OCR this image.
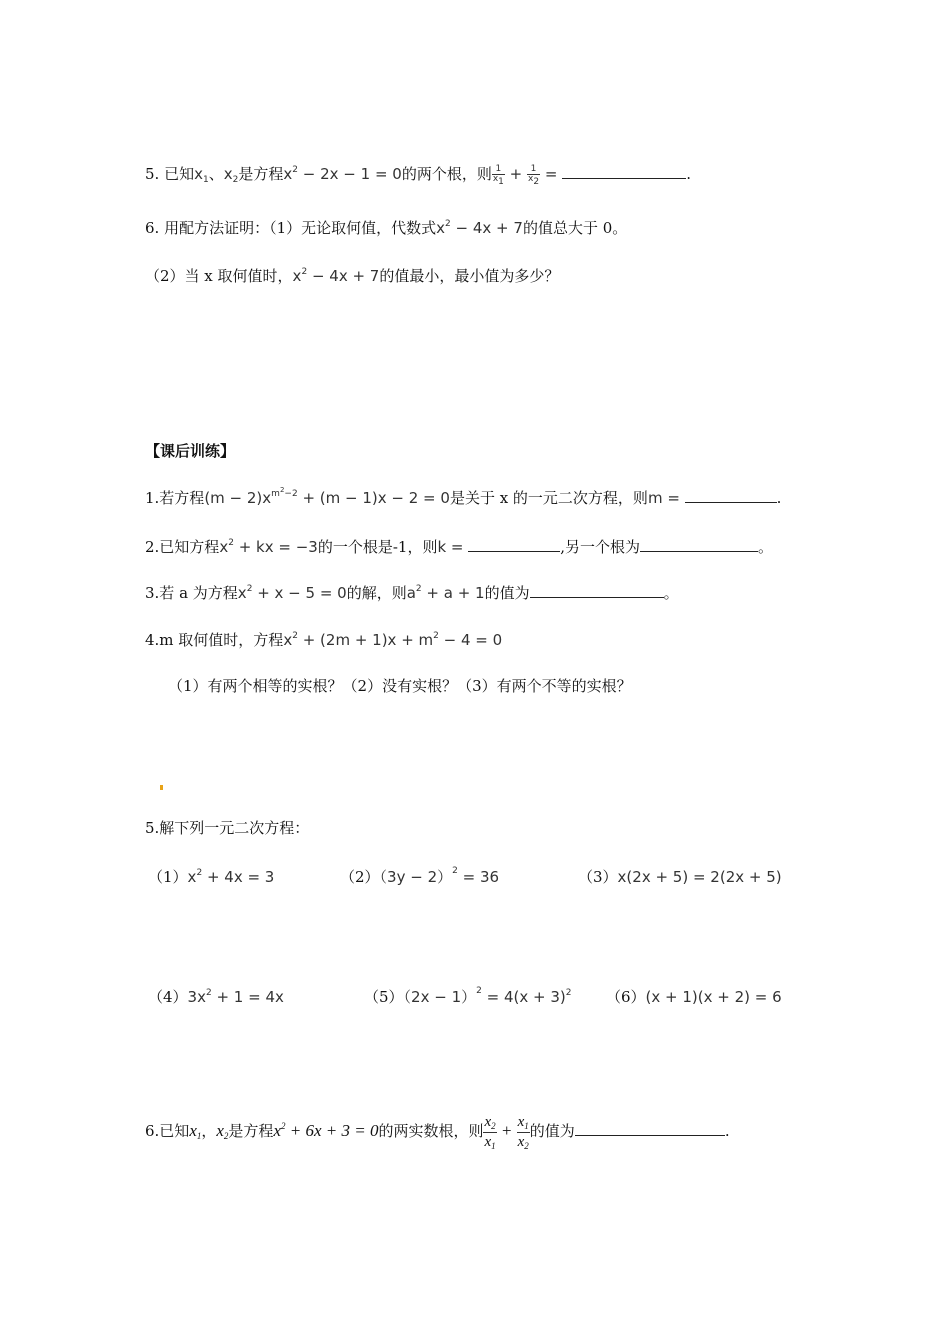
5. 已知$x_1$、$x_2$是方程$x^2 - 2x - 1 = 0$的两个根，则 $\frac{1}{x_1} + \frac{1}{x_2}$ =	.
6. 用配方法证明：（1）无论取何值，代数式$x^2 - 4x + 7$的值总大于 0。
（2）当 x 取何值时，$x^2 - 4x + 7$的值最小，最小值为多少？
【课后训练】
1.若方程$(m - 2)x^{m^2-2} + (m - 1)x - 2 = 0$是关于 x 的一元二次方程，则m =	.
2.已知方程$x^2$ + kx = −3的一个根是-1，则k =	,另一个根为	。
3.若 a 为方程$x^2 + x - 5 = 0$的解，则$a^2 + a + 1$的值为	。
4.m 取何值时，方程$x^2 + (2m + 1)x + m^2 - 4 = 0$
（1）有两个相等的实根？（2）没有实根？（3）有两个不等的实根？
5.解下列一元二次方程：
$(1)x^2 + 4x = 3$	$(2)(3y - 2)^2 = 36$	（3）x(2x + 5) = 2(2x + 5)
$(4)3x^2 + 1 = 4x$	$(5)(2x - 1)^2 = 4(x + 3)^2$ （6）(x + 1)(x + 2) = 6
6.已知$x_1$，$x_2$是方程$x^2 + 6x + 3 = 0$的两实数根，则 $\frac{x_2}{x_1} + \frac{x_1}{x_2}$ 的值为	.
